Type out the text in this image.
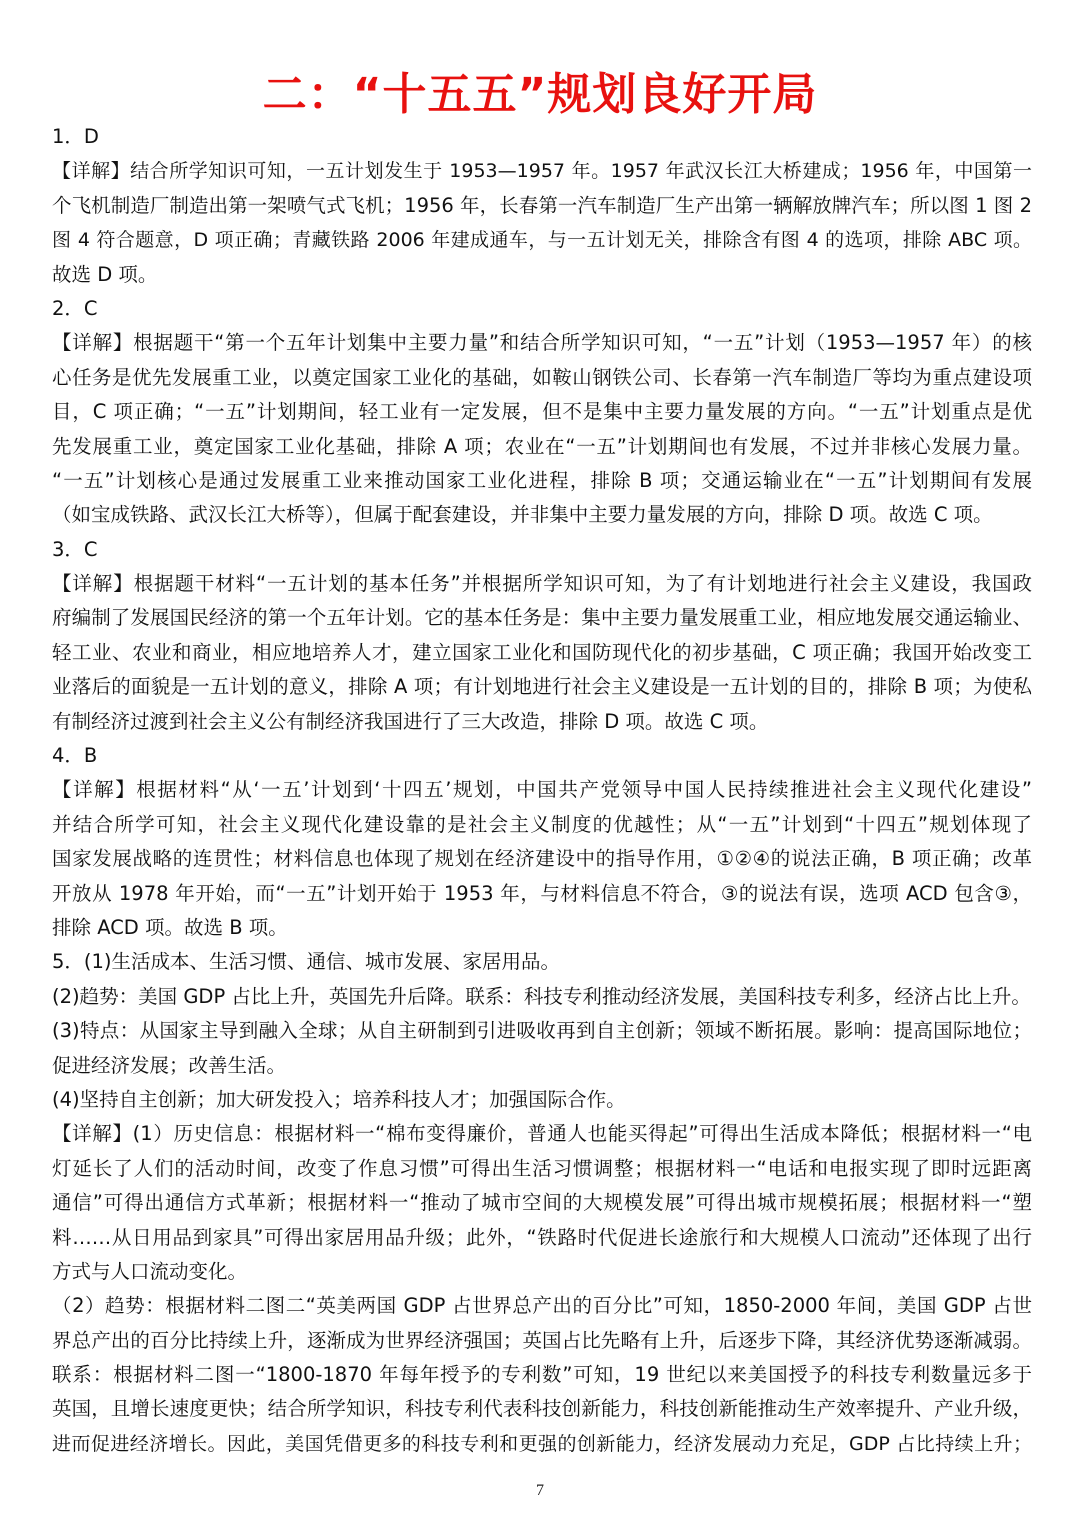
二：“十五五”规划良好开局
1．D
【详解】结合所学知识可知，一五计划发生于 1953—1957 年。1957 年武汉长江大桥建成；1956 年，中国第一
个飞机制造厂制造出第一架喷气式飞机；1956 年，长春第一汽车制造厂生产出第一辆解放牌汽车；所以图 1 图 2
图 4 符合题意，D 项正确；青藏铁路 2006 年建成通车，与一五计划无关，排除含有图 4 的选项，排除 ABC 项。
故选 D 项。
2．C
【详解】根据题干“第一个五年计划集中主要力量”和结合所学知识可知，“一五”计划（1953—1957 年）的核
心任务是优先发展重工业，以奠定国家工业化的基础，如鞍山钢铁公司、长春第一汽车制造厂等均为重点建设项
目，C 项正确；“一五”计划期间，轻工业有一定发展，但不是集中主要力量发展的方向。“一五”计划重点是优
先发展重工业，奠定国家工业化基础，排除 A 项；农业在“一五”计划期间也有发展，不过并非核心发展力量。
“一五”计划核心是通过发展重工业来推动国家工业化进程，排除 B 项；交通运输业在“一五”计划期间有发展
（如宝成铁路、武汉长江大桥等），但属于配套建设，并非集中主要力量发展的方向，排除 D 项。故选 C 项。
3．C
【详解】根据题干材料“一五计划的基本任务”并根据所学知识可知，为了有计划地进行社会主义建设，我国政
府编制了发展国民经济的第一个五年计划。它的基本任务是：集中主要力量发展重工业，相应地发展交通运输业、
轻工业、农业和商业，相应地培养人才，建立国家工业化和国防现代化的初步基础，C 项正确；我国开始改变工
业落后的面貌是一五计划的意义，排除 A 项；有计划地进行社会主义建设是一五计划的目的，排除 B 项；为使私
有制经济过渡到社会主义公有制经济我国进行了三大改造，排除 D 项。故选 C 项。
4．B
【详解】根据材料“从‘一五’计划到‘十四五’规划，中国共产党领导中国人民持续推进社会主义现代化建设”
并结合所学可知，社会主义现代化建设靠的是社会主义制度的优越性；从“一五”计划到“十四五”规划体现了
国家发展战略的连贯性；材料信息也体现了规划在经济建设中的指导作用，①②④的说法正确，B 项正确；改革
开放从 1978 年开始，而“一五”计划开始于 1953 年，与材料信息不符合，③的说法有误，选项 ACD 包含③，
排除 ACD 项。故选 B 项。
5．(1)生活成本、生活习惯、通信、城市发展、家居用品。
(2)趋势：美国 GDP 占比上升，英国先升后降。联系：科技专利推动经济发展，美国科技专利多，经济占比上升。
(3)特点：从国家主导到融入全球；从自主研制到引进吸收再到自主创新；领域不断拓展。影响：提高国际地位；
促进经济发展；改善生活。
(4)坚持自主创新；加大研发投入；培养科技人才；加强国际合作。
【详解】(1）历史信息：根据材料一“棉布变得廉价，普通人也能买得起”可得出生活成本降低；根据材料一“电
灯延长了人们的活动时间，改变了作息习惯”可得出生活习惯调整；根据材料一“电话和电报实现了即时远距离
通信”可得出通信方式革新；根据材料一“推动了城市空间的大规模发展”可得出城市规模拓展；根据材料一“塑
料……从日用品到家具”可得出家居用品升级；此外，“铁路时代促进长途旅行和大规模人口流动”还体现了出行
方式与人口流动变化。
（2）趋势：根据材料二图二“英美两国 GDP 占世界总产出的百分比”可知，1850-2000 年间，美国 GDP 占世
界总产出的百分比持续上升，逐渐成为世界经济强国；英国占比先略有上升，后逐步下降，其经济优势逐渐减弱。
联系：根据材料二图一“1800-1870 年每年授予的专利数”可知，19 世纪以来美国授予的科技专利数量远多于
英国，且增长速度更快；结合所学知识，科技专利代表科技创新能力，科技创新能推动生产效率提升、产业升级，
进而促进经济增长。因此，美国凭借更多的科技专利和更强的创新能力，经济发展动力充足，GDP 占比持续上升；
7
